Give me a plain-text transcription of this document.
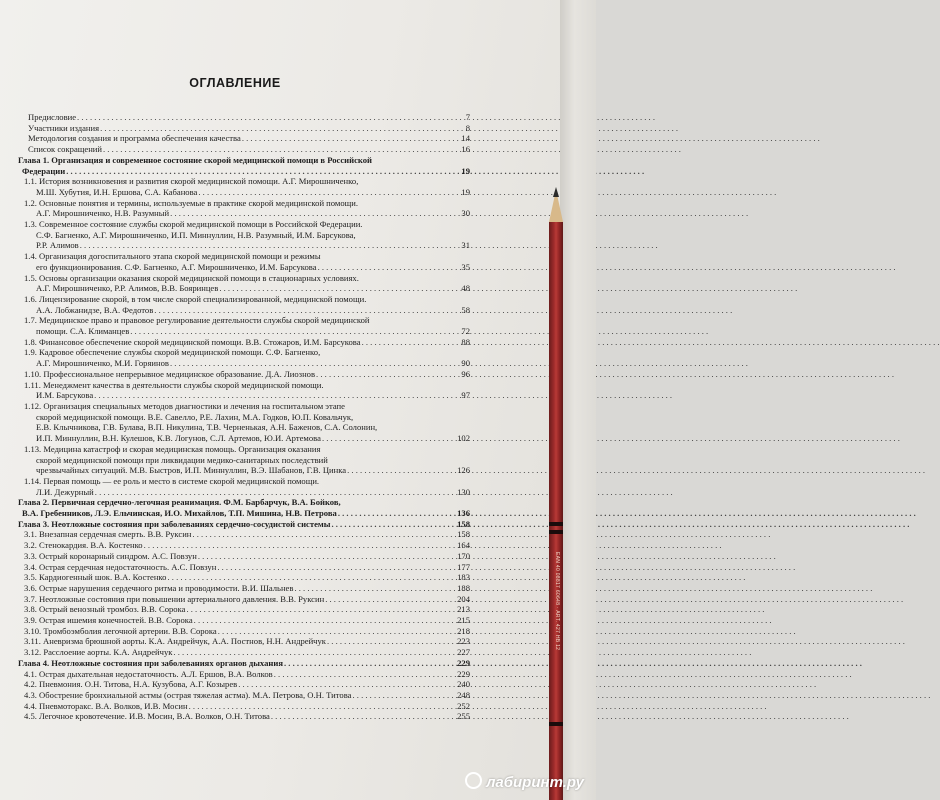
ОГЛАВЛЕНИЕ
Предисловие . . .	7
Участники издания . . .	8
Методология создания и программа обеспечения качества . . .	14
Список сокращений . . .	16
Глава 1. Организация и современное состояние скорой медицинской помощи в Российской
Федерации . . .	19
1.1. История возникновения и развития скорой медицинской помощи. А.Г. Мирошниченко,
М.Ш. Хубутия, И.Н. Ершова, С.А. Кабанова . . .	19
1.2. Основные понятия и термины, используемые в практике скорой медицинской помощи.
А.Г. Мирошниченко, Н.В. Разумный . . .	30
1.3. Современное состояние службы скорой медицинской помощи в Российской Федерации.
С.Ф. Багненко, А.Г. Мирошниченко, И.П. Миннуллин, Н.В. Разумный, И.М. Барсукова,
Р.Р. Алимов . . .	31
1.4. Организация догоспитального этапа скорой медицинской помощи и режимы
его функционирования. С.Ф. Багненко, А.Г. Мирошниченко, И.М. Барсукова . . .	35
1.5. Основы организации оказания скорой медицинской помощи в стационарных условиях.
А.Г. Мирошниченко, Р.Р. Алимов, В.В. Бояринцев . . .	48
1.6. Лицензирование скорой, в том числе скорой специализированной, медицинской помощи.
А.А. Лобжанидзе, В.А. Федотов . . .	58
1.7. Медицинское право и правовое регулирование деятельности службы скорой медицинской
помощи. С.А. Климанцев . . .	72
1.8. Финансовое обеспечение скорой медицинской помощи. В.В. Стожаров, И.М. Барсукова . . .	88
1.9. Кадровое обеспечение службы скорой медицинской помощи. С.Ф. Багненко,
А.Г. Мирошниченко, М.И. Горяинов . . .	90
1.10. Профессиональное непрерывное медицинское образование. Д.А. Лиознов . . .	96
1.11. Менеджмент качества в деятельности службы скорой медицинской помощи.
И.М. Барсукова . . .	97
1.12. Организация специальных методов диагностики и лечения на госпитальном этапе
скорой медицинской помощи. В.Е. Савелло, Р.Е. Лахин, М.А. Годков, Ю.П. Ковальчук,
Е.В. Клычникова, Г.В. Булава, В.П. Никулина, Т.В. Черненькая, А.Н. Баженов, С.А. Солонин,
И.П. Миннуллин, В.Н. Кулешов, К.В. Логунов, С.Л. Артемов, Ю.И. Артемова . . .	102
1.13. Медицина катастроф и скорая медицинская помощь. Организация оказания
скорой медицинской помощи при ликвидации медико-санитарных последствий
чрезвычайных ситуаций. М.В. Быстров, И.П. Миннуллин, В.Э. Шабанов, Г.В. Цинка . . .	126
1.14. Первая помощь — ее роль и место в системе скорой медицинской помощи.
Л.И. Дежурный . . .	130
Глава 2. Первичная сердечно-легочная реанимация. Ф.М. Барбарчук, В.А. Бойков,
В.А. Гребенников, Л.Э. Ельчинская, И.О. Михайлов, Т.П. Мишина, Н.В. Петрова . . .	136
Глава 3. Неотложные состояния при заболеваниях сердечно-сосудистой системы . . .	158
3.1. Внезапная сердечная смерть. В.В. Руксин . . .	158
3.2. Стенокардия. В.А. Костенко . . .	164
3.3. Острый коронарный синдром. А.С. Повзун . . .	170
3.4. Острая сердечная недостаточность. А.С. Повзун . . .	177
3.5. Кардиогенный шок. В.А. Костенко . . .	183
3.6. Острые нарушения сердечного ритма и проводимости. В.И. Шальнев . . .	188
3.7. Неотложные состояния при повышении артериального давления. В.В. Руксин . . .	204
3.8. Острый венозный тромбоз. В.В. Сорока . . .	213
3.9. Острая ишемия конечностей. В.В. Сорока . . .	215
3.10. Тромбоэмболия легочной артерии. В.В. Сорока . . .	218
3.11. Аневризма брюшной аорты. К.А. Андрейчук, А.А. Постнов, Н.Н. Андрейчук . . .	223
3.12. Расслоение аорты. К.А. Андрейчук . . .	227
Глава 4. Неотложные состояния при заболеваниях органов дыхания . . .	229
4.1. Острая дыхательная недостаточность. А.Л. Ершов, В.А. Волков . . .	229
4.2. Пневмония. О.Н. Титова, Н.А. Кузубова, А.Г. Козырев . . .	240
4.3. Обострение бронхиальной астмы (острая тяжелая астма). М.А. Петрова, О.Н. Титова . . .	248
4.4. Пневмоторакс. В.А. Волков, И.В. Мосин . . .	252
4.5. Легочное кровотечение. И.В. Мосин, В.А. Волков, О.Н. Титова . . .	255
EAN 40 08817 60648 · ART. 427 HB 12
лабиринт.ру
